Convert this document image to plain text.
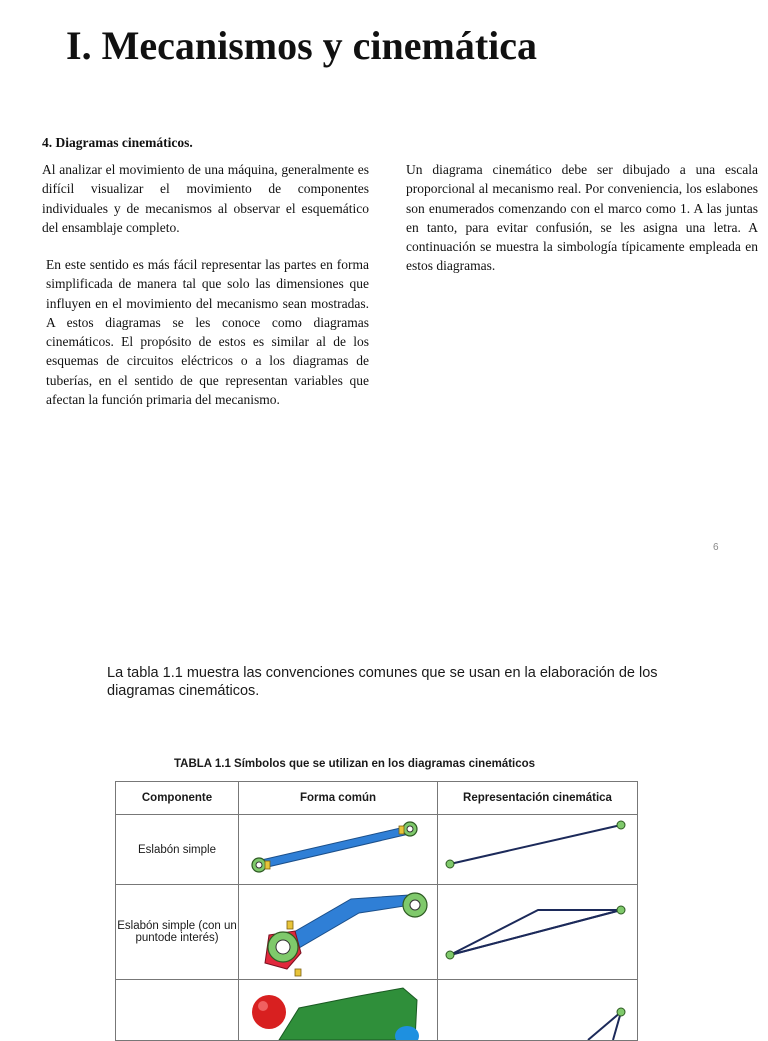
I. Mecanismos y cinemática
4. Diagramas cinemáticos.

Al analizar el movimiento de una máquina, generalmente es difícil visualizar el movimiento de componentes individuales y de mecanismos al observar el esquemático del ensamblaje completo.

En este sentido es más fácil representar las partes en forma simplificada de manera tal que solo las dimensiones que influyen en el movimiento del mecanismo sean mostradas. A estos diagramas se les conoce como diagramas cinemáticos. El propósito de estos es similar al de los esquemas de circuitos eléctricos o a los diagramas de tuberías, en el sentido de que representan variables que afectan la función primaria del mecanismo.

Un diagrama cinemático debe ser dibujado a una escala proporcional al mecanismo real. Por conveniencia, los eslabones son enumerados comenzando con el marco como 1. A las juntas en tanto, para evitar confusión, se les asigna una letra. A continuación se muestra la simbología típicamente empleada en estos diagramas.

6

La tabla 1.1 muestra las convenciones comunes que se usan en la elaboración de los diagramas cinemáticos.

TABLA 1.1 Símbolos que se utilizan en los diagramas cinemáticos
Componente	Forma común	Representación cinemática
Eslabón simple	

Eslabón simple (con un puntode interés)	
